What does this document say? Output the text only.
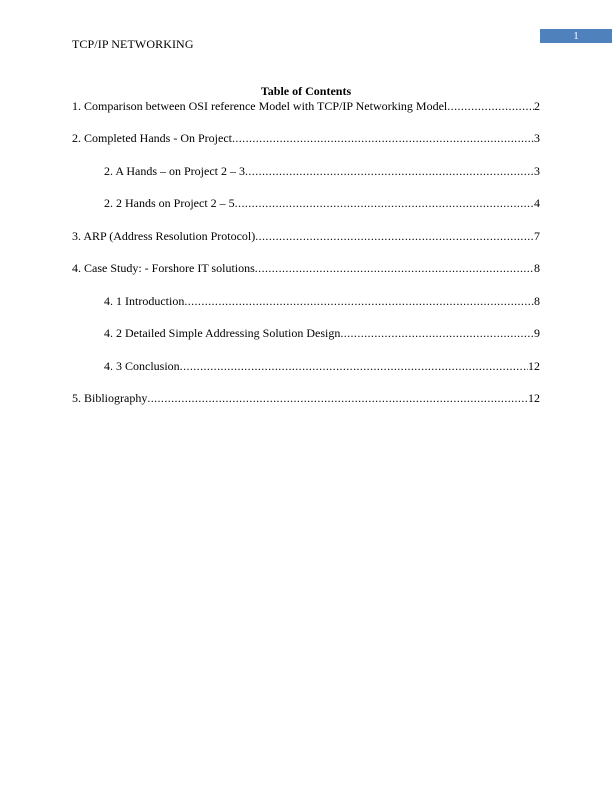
TCP/IP NETWORKING
1
Table of Contents
1. Comparison between OSI reference Model with TCP/IP Networking Model .....	2
2. Completed Hands - On Project .....	3
2. A Hands – on Project 2 – 3 .....	3
2. 2 Hands on Project 2 – 5 .....	4
3. ARP (Address Resolution Protocol) .....	7
4. Case Study: - Forshore IT solutions .....	8
4. 1 Introduction .....	8
4. 2 Detailed Simple Addressing Solution Design .....	9
4. 3 Conclusion .....	12
5. Bibliography .....	12
